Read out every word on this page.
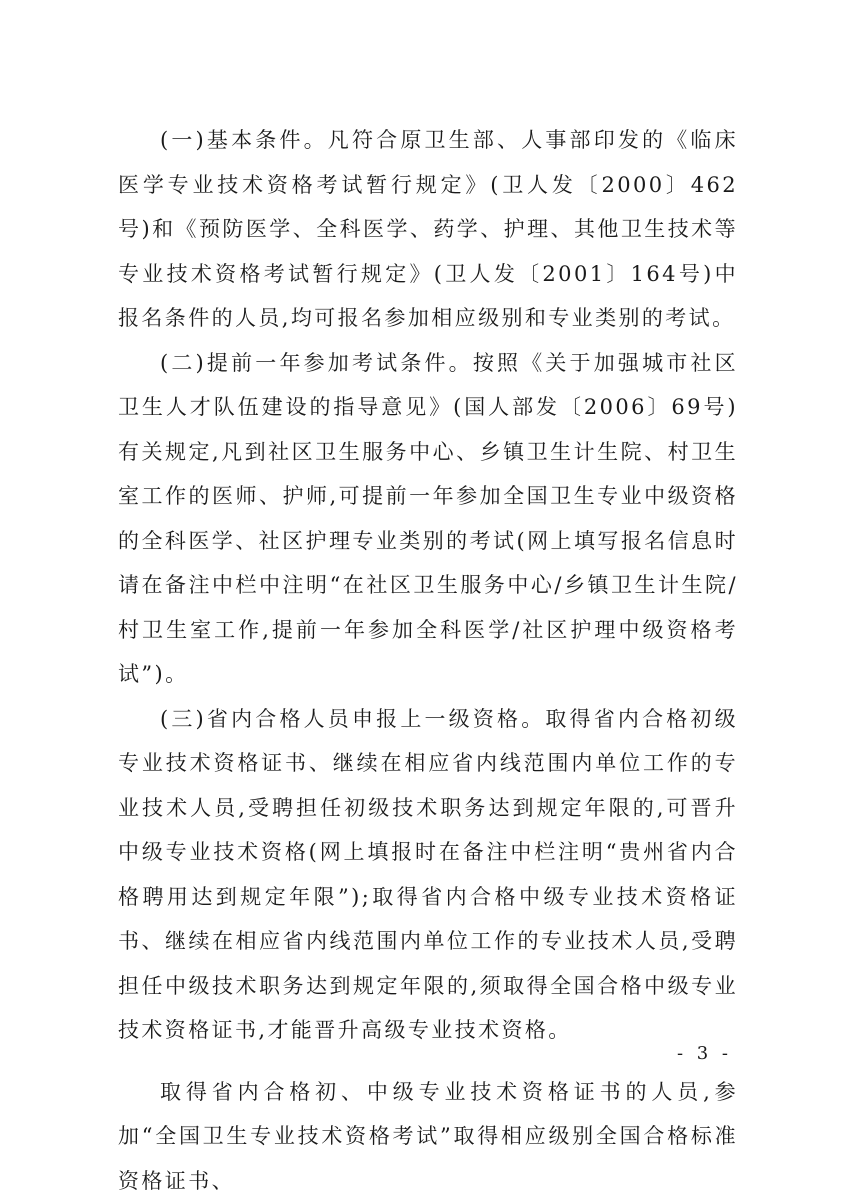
(一)基本条件。凡符合原卫生部、人事部印发的《临床医学专业技术资格考试暂行规定》(卫人发〔2000〕462号)和《预防医学、全科医学、药学、护理、其他卫生技术等专业技术资格考试暂行规定》(卫人发〔2001〕164号)中报名条件的人员,均可报名参加相应级别和专业类别的考试。

(二)提前一年参加考试条件。按照《关于加强城市社区卫生人才队伍建设的指导意见》(国人部发〔2006〕69号)有关规定,凡到社区卫生服务中心、乡镇卫生计生院、村卫生室工作的医师、护师,可提前一年参加全国卫生专业中级资格的全科医学、社区护理专业类别的考试(网上填写报名信息时请在备注中栏中注明“在社区卫生服务中心/乡镇卫生计生院/村卫生室工作,提前一年参加全科医学/社区护理中级资格考试”)。

(三)省内合格人员申报上一级资格。取得省内合格初级专业技术资格证书、继续在相应省内线范围内单位工作的专业技术人员,受聘担任初级技术职务达到规定年限的,可晋升中级专业技术资格(网上填报时在备注中栏注明“贵州省内合格聘用达到规定年限”);取得省内合格中级专业技术资格证书、继续在相应省内线范围内单位工作的专业技术人员,受聘担任中级技术职务达到规定年限的,须取得全国合格中级专业技术资格证书,才能晋升高级专业技术资格。

取得省内合格初、中级专业技术资格证书的人员,参加“全国卫生专业技术资格考试”取得相应级别全国合格标准资格证书、

- 3 -
